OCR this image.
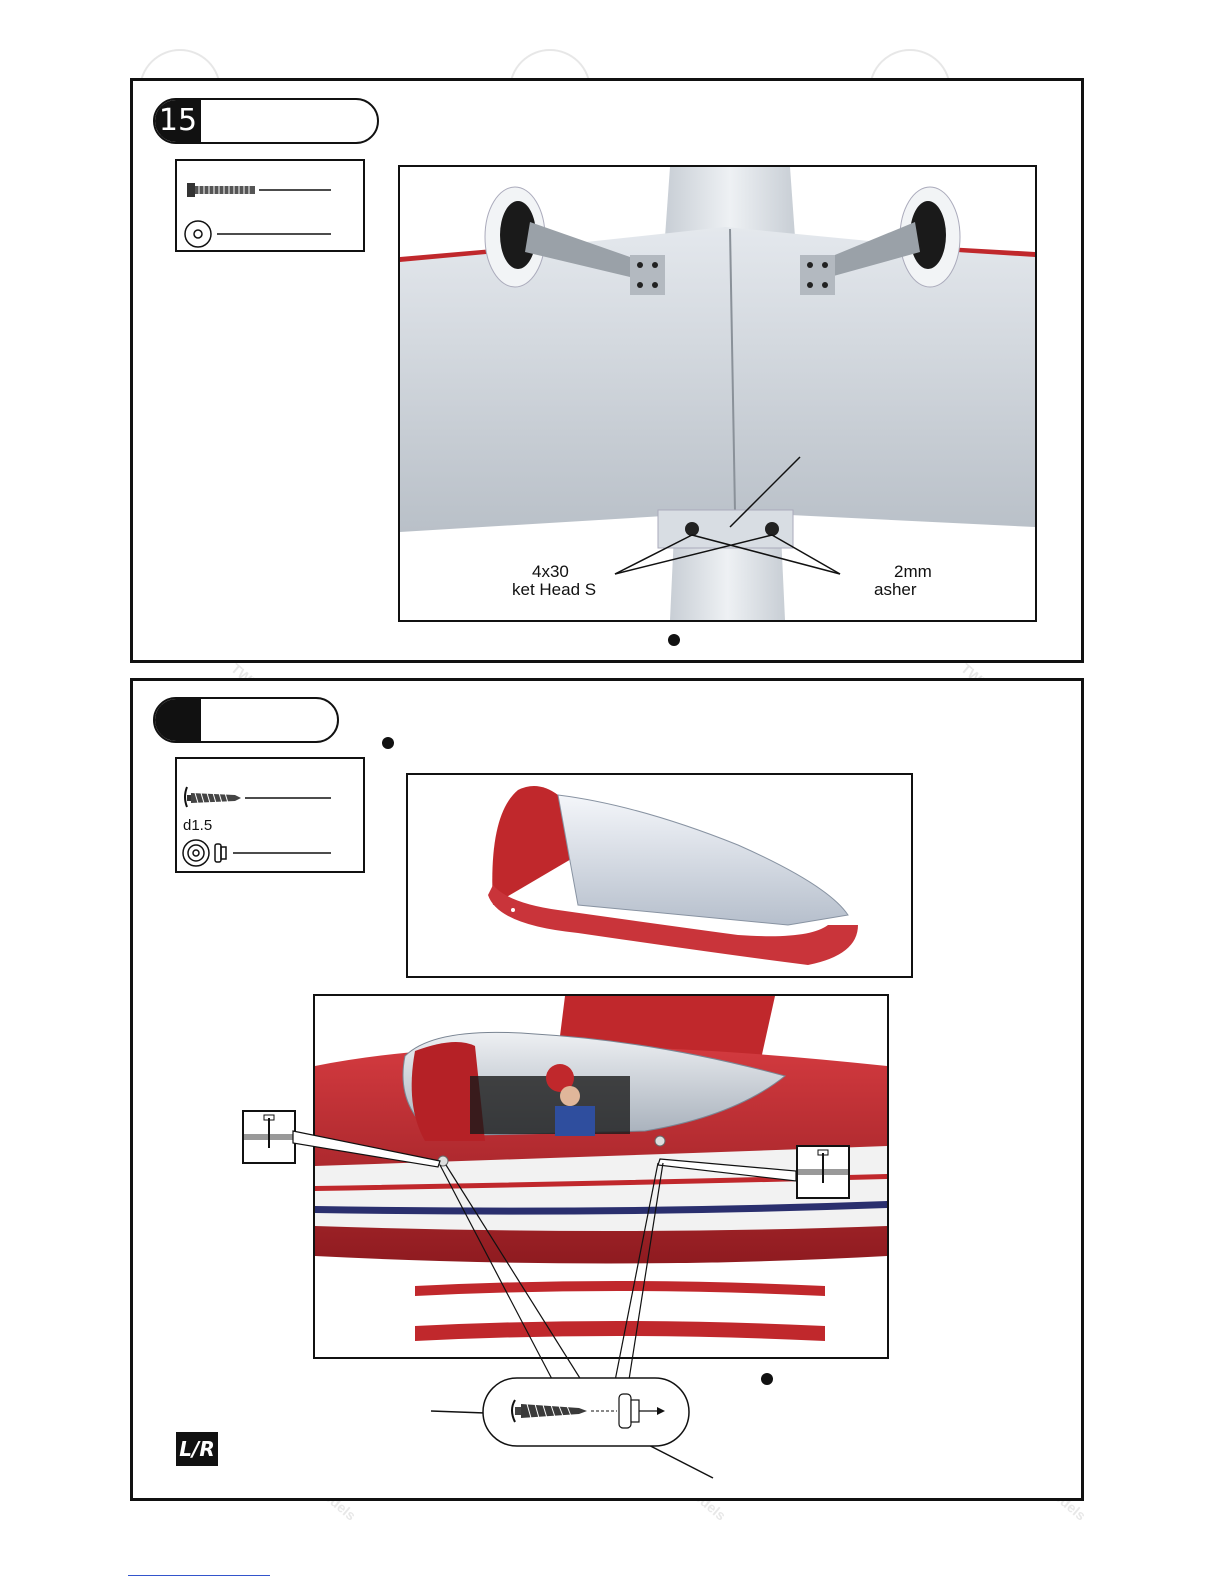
TWM	TWM
Models
15
4x30
ket Head S
2mm
asher
d1.5
L/R
